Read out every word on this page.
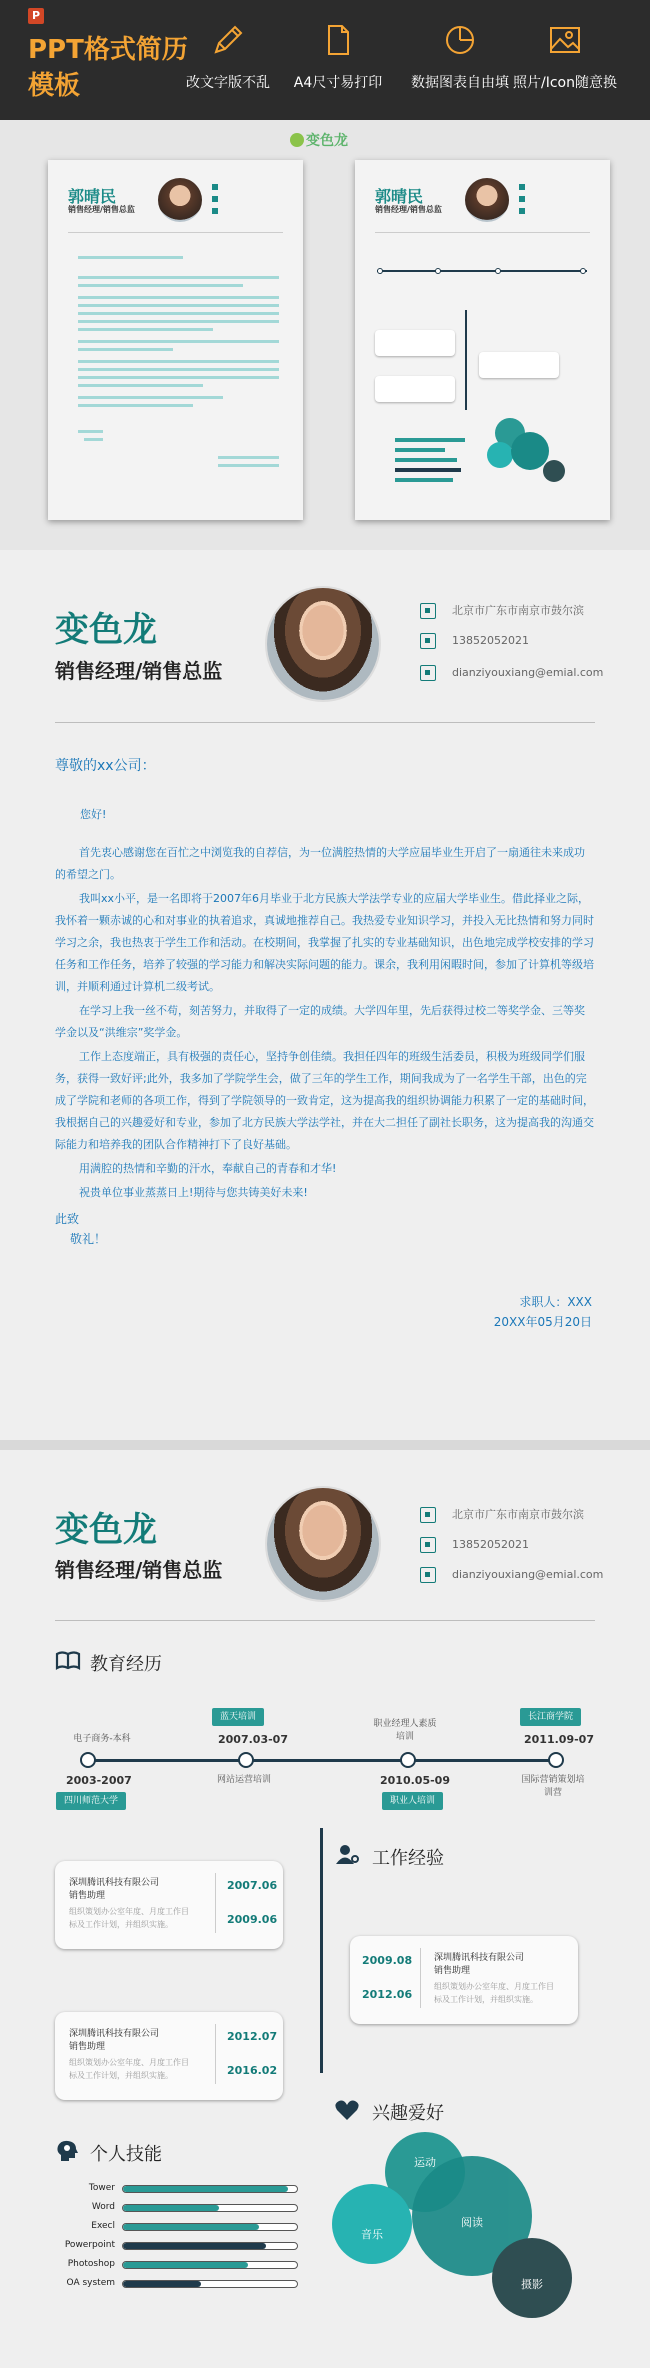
P
PPT格式简历模板	改文字版不乱	A4尺寸易打印	数据图表自由填 照片/Icon随意换
变色龙
郭晴民
销售经理/销售总监
郭晴民
销售经理/销售总监
变色龙
销售经理/销售总监
北京市广东市南京市鼓尔滨
13852052021
dianziyouxiang@emial.com
尊敬的xx公司：
您好!

首先衷心感谢您在百忙之中浏览我的自荐信，为一位满腔热情的大学应届毕业生开启了一扇通往未来成功的希望之门。

我叫xx小平，是一名即将于2007年6月毕业于北方民族大学法学专业的应届大学毕业生。借此择业之际，我怀着一颗赤诚的心和对事业的执着追求，真诚地推荐自己。我热爱专业知识学习，并投入无比热情和努力同时学习之余，我也热衷于学生工作和活动。在校期间，我掌握了扎实的专业基础知识，出色地完成学校安排的学习任务和工作任务，培养了较强的学习能力和解决实际问题的能力。课余，我利用闲暇时间，参加了计算机等级培训，并顺利通过计算机二级考试。

在学习上我一丝不苟，刻苦努力，并取得了一定的成绩。大学四年里，先后获得过校二等奖学金、三等奖学金以及“洪维宗”奖学金。

工作上态度端正，具有极强的责任心，坚持争创佳绩。我担任四年的班级生活委员，积极为班级同学们服务，获得一致好评;此外，我多加了学院学生会，做了三年的学生工作，期间我成为了一名学生干部，出色的完成了学院和老师的各项工作，得到了学院领导的一致肯定，这为提高我的组织协调能力积累了一定的基础时间，我根据自己的兴趣爱好和专业，参加了北方民族大学法学社，并在大二担任了副社长职务，这为提高我的沟通交际能力和培养我的团队合作精神打下了良好基础。

用满腔的热情和辛勤的汗水，奉献自己的青春和才华!

祝贵单位事业蒸蒸日上!期待与您共铸美好未来!

此致
敬礼！
求职人：XXX
20XX年05月20日
变色龙
销售经理/销售总监
北京市广东市南京市鼓尔滨
13852052021
dianziyouxiang@emial.com
教育经历
电子商务-本科
蓝天培训
2007.03-07
职业经理人素质培训
长江商学院
2011.09-07
2003-2007
四川师范大学
网站运营培训	2010.05-09
职业人培训
国际营销策划培训营
工作经验
深圳腾讯科技有限公司
销售助理
组织策划办公室年度、月度工作目标及工作计划，并组织实施。
2007.06
2009.06
深圳腾讯科技有限公司
销售助理
组织策划办公室年度、月度工作目标及工作计划，并组织实施。
2012.07
2016.02
2009.08
2012.06
深圳腾讯科技有限公司
销售助理
组织策划办公室年度、月度工作目标及工作计划，并组织实施。
兴趣爱好
个人技能
Tower
Word
Execl
Powerpoint
Photoshop
OA system
运动
音乐
阅读
摄影
